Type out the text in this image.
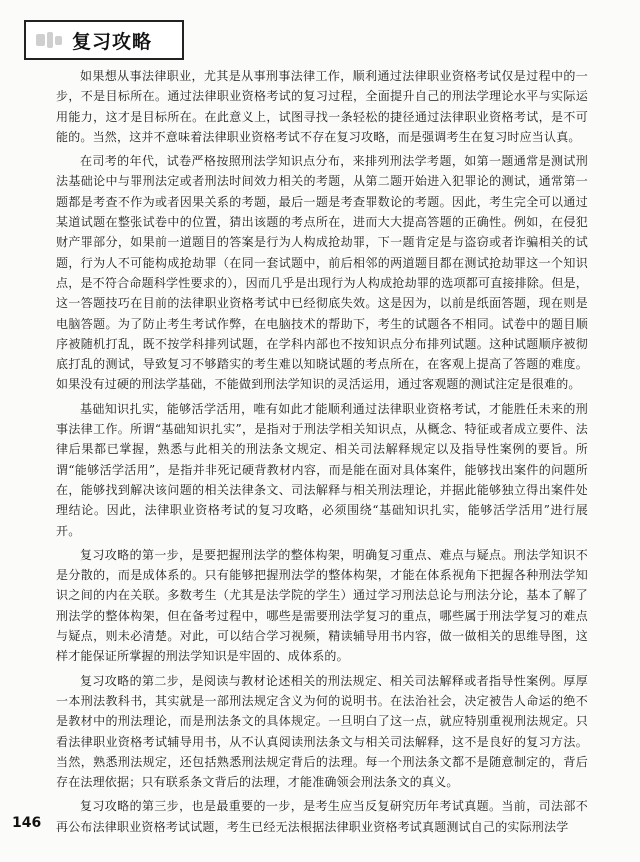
复习攻略

如果想从事法律职业，尤其是从事刑事法律工作，顺利通过法律职业资格考试仅是过程中的一步，不是目标所在。通过法律职业资格考试的复习过程，全面提升自己的刑法学理论水平与实际运用能力，这才是目标所在。在此意义上，试图寻找一条轻松的捷径通过法律职业资格考试，是不可能的。当然，这并不意味着法律职业资格考试不存在复习攻略，而是强调考生在复习时应当认真。

在司考的年代，试卷严格按照刑法学知识点分布，来排列刑法学考题，如第一题通常是测试刑法基础论中与罪刑法定或者刑法时间效力相关的考题，从第二题开始进入犯罪论的测试，通常第一题都是考查不作为或者因果关系的考题，最后一题是考查罪数论的考题。因此，考生完全可以通过某道试题在整张试卷中的位置，猜出该题的考点所在，进而大大提高答题的正确性。例如，在侵犯财产罪部分，如果前一道题目的答案是行为人构成抢劫罪，下一题肯定是与盗窃或者诈骗相关的试题，行为人不可能构成抢劫罪（在同一套试题中，前后相邻的两道题目都在测试抢劫罪这一个知识点，是不符合命题科学性要求的），因而几乎是出现行为人构成抢劫罪的选项都可直接排除。但是，这一答题技巧在目前的法律职业资格考试中已经彻底失效。这是因为，以前是纸面答题，现在则是电脑答题。为了防止考生考试作弊，在电脑技术的帮助下，考生的试题各不相同。试卷中的题目顺序被随机打乱，既不按学科排列试题，在学科内部也不按知识点分布排列试题。这种试题顺序被彻底打乱的测试，导致复习不够踏实的考生难以知晓试题的考点所在，在客观上提高了答题的难度。如果没有过硬的刑法学基础，不能做到刑法学知识的灵活运用，通过客观题的测试注定是很难的。

基础知识扎实，能够活学活用，唯有如此才能顺利通过法律职业资格考试，才能胜任未来的刑事法律工作。所谓“基础知识扎实”，是指对于刑法学相关知识点，从概念、特征或者成立要件、法律后果都已掌握，熟悉与此相关的刑法条文规定、相关司法解释规定以及指导性案例的要旨。所谓“能够活学活用”，是指并非死记硬背教材内容，而是能在面对具体案件，能够找出案件的问题所在，能够找到解决该问题的相关法律条文、司法解释与相关刑法理论，并据此能够独立得出案件处理结论。因此，法律职业资格考试的复习攻略，必须围绕“基础知识扎实，能够活学活用”进行展开。

复习攻略的第一步，是要把握刑法学的整体构架，明确复习重点、难点与疑点。刑法学知识不是分散的，而是成体系的。只有能够把握刑法学的整体构架，才能在体系视角下把握各种刑法学知识之间的内在关联。多数考生（尤其是法学院的学生）通过学习刑法总论与刑法分论，基本了解了刑法学的整体构架，但在备考过程中，哪些是需要刑法学复习的重点，哪些属于刑法学复习的难点与疑点，则未必清楚。对此，可以结合学习视频，精读辅导用书内容，做一做相关的思维导图，这样才能保证所掌握的刑法学知识是牢固的、成体系的。

复习攻略的第二步，是阅读与教材论述相关的刑法规定、相关司法解释或者指导性案例。厚厚一本刑法教科书，其实就是一部刑法规定含义为何的说明书。在法治社会，决定被告人命运的绝不是教材中的刑法理论，而是刑法条文的具体规定。一旦明白了这一点，就应特别重视刑法规定。只看法律职业资格考试辅导用书，从不认真阅读刑法条文与相关司法解释，这不是良好的复习方法。当然，熟悉刑法规定，还包括熟悉刑法规定背后的法理。每一个刑法条文都不是随意制定的，背后存在法理依据；只有联系条文背后的法理，才能准确领会刑法条文的真义。

复习攻略的第三步，也是最重要的一步，是考生应当反复研究历年考试真题。当前，司法部不再公布法律职业资格考试试题，考生已经无法根据法律职业资格考试真题测试自己的实际刑法学

146
